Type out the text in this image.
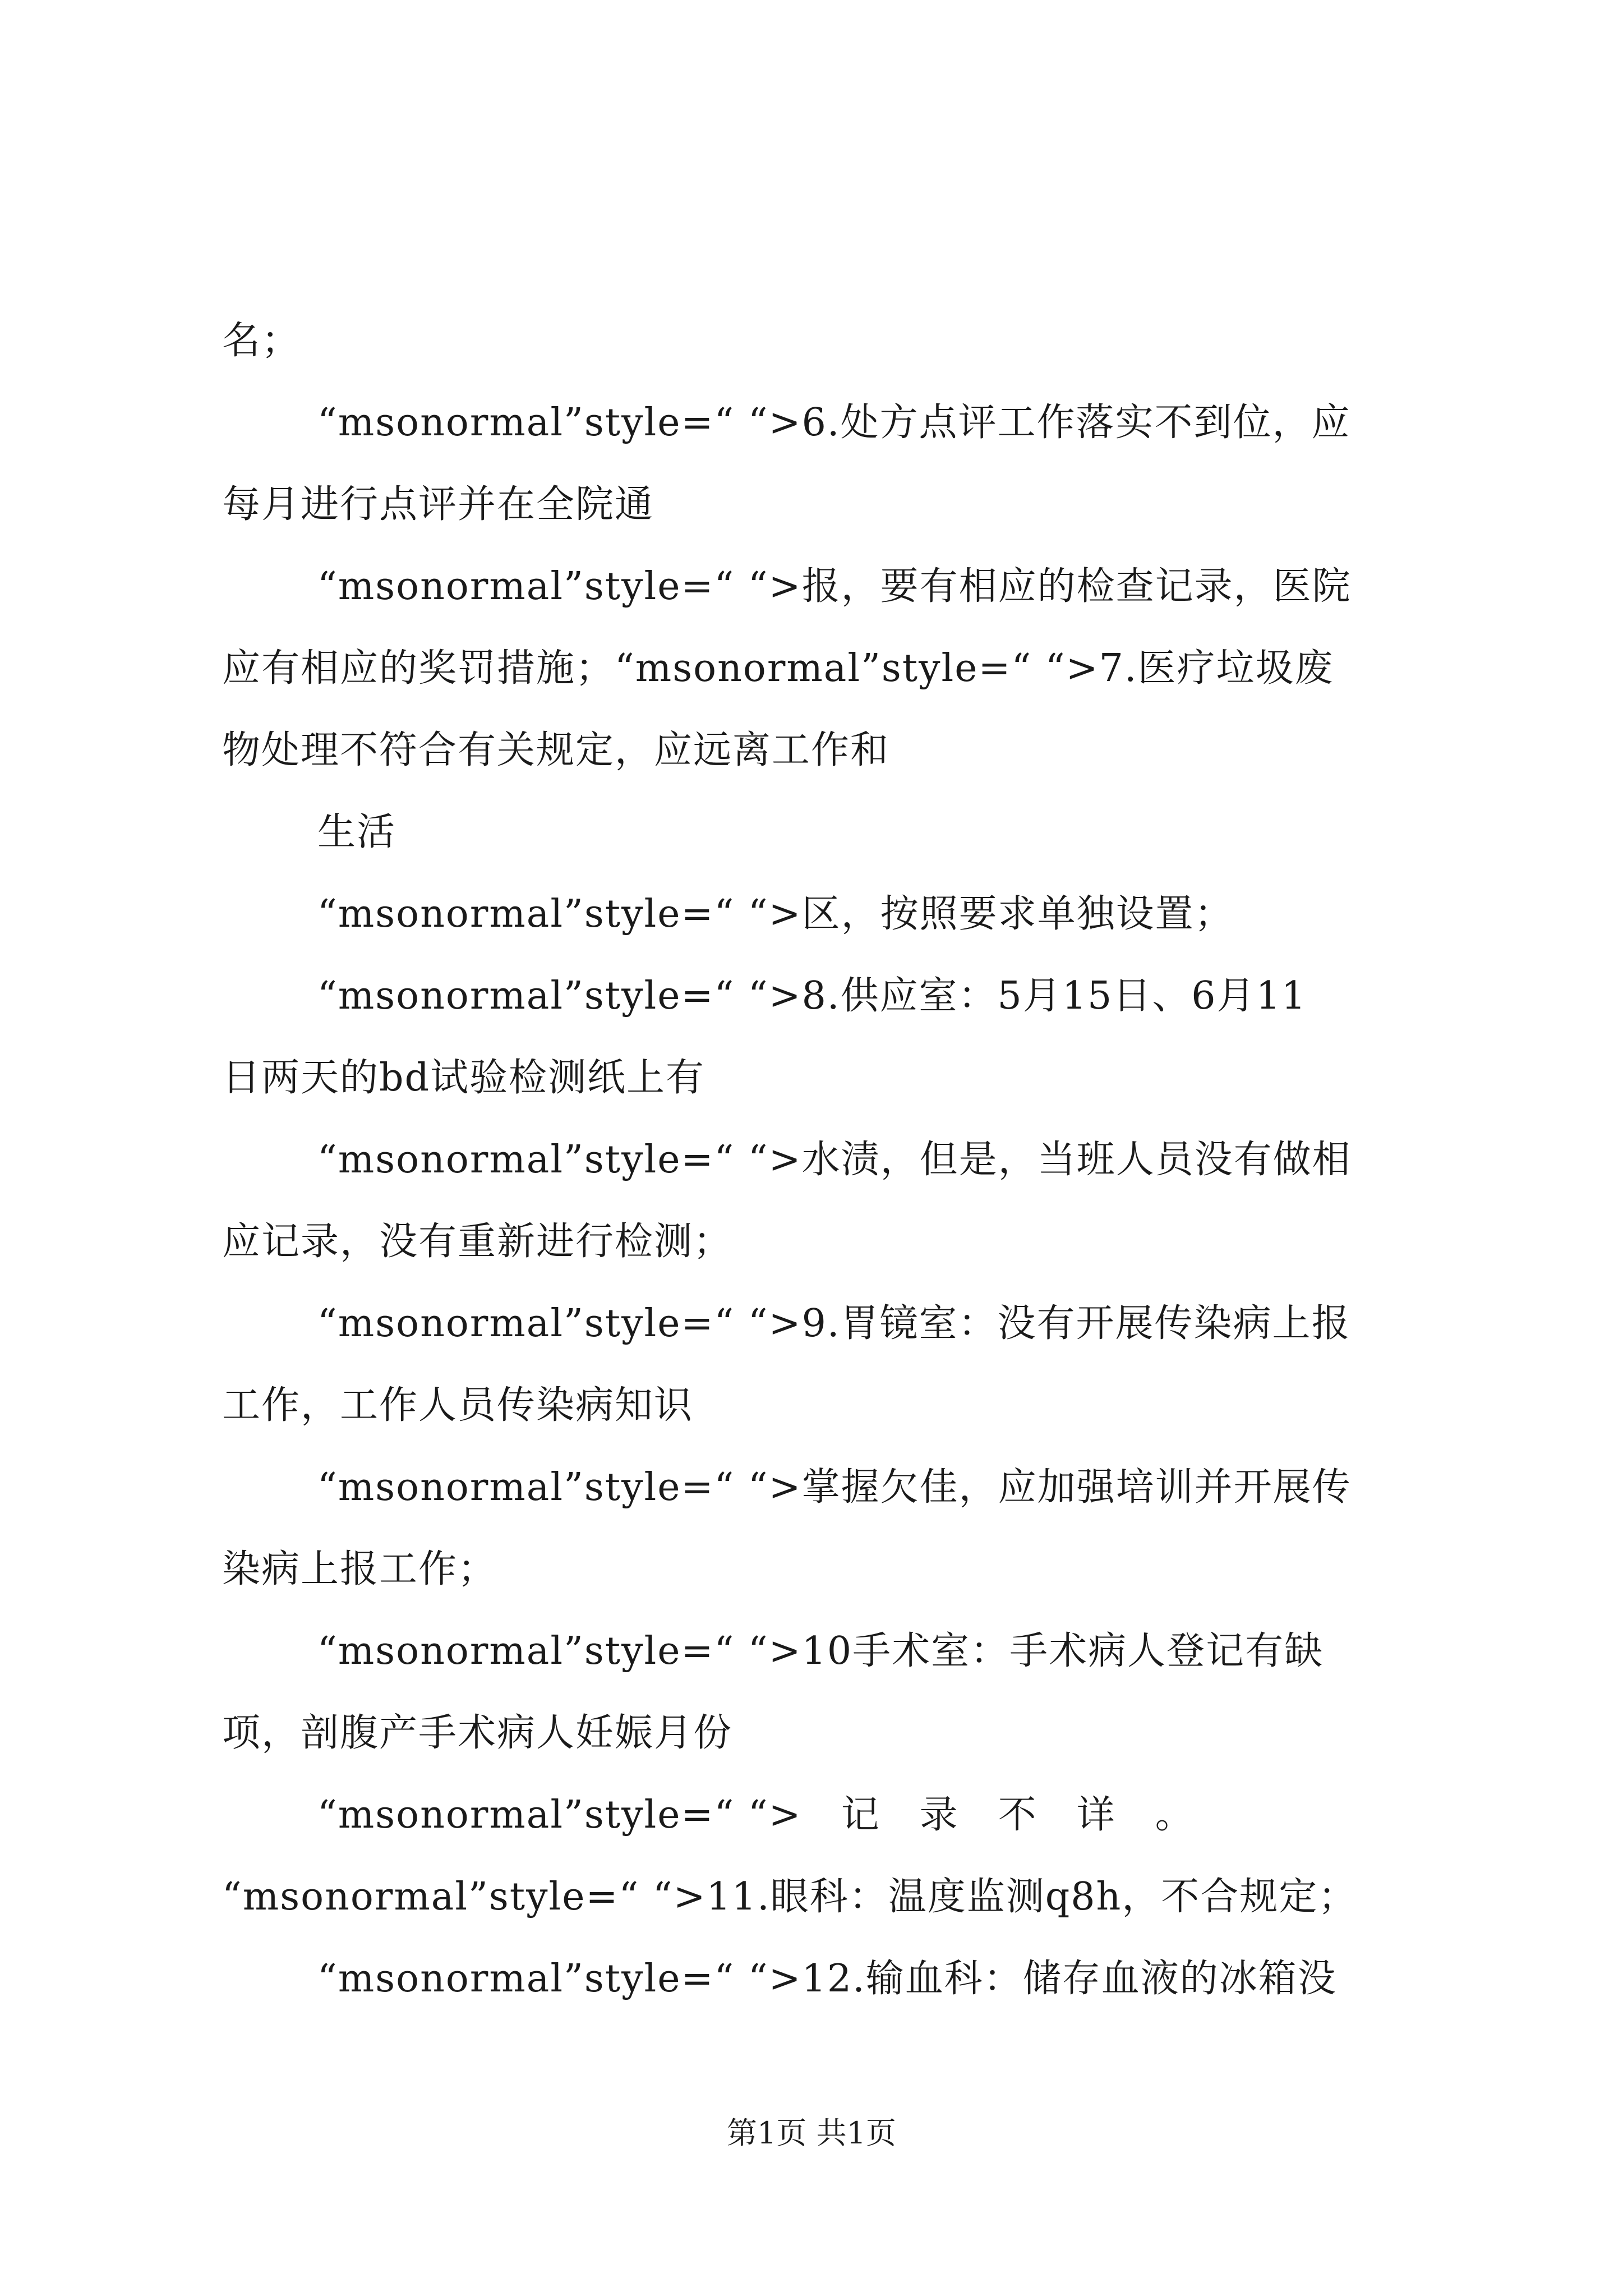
名；
“msonormal”style=“ “>6.处方点评工作落实不到位，应
每月进行点评并在全院通
“msonormal”style=“ “>报，要有相应的检查记录，医院
应有相应的奖罚措施；“msonormal”style=“ “>7.医疗垃圾废
物处理不符合有关规定，应远离工作和
生活
“msonormal”style=“ “>区，按照要求单独设置；
“msonormal”style=“ “>8.供应室：5月15日、6月11
日两天的bd试验检测纸上有
“msonormal”style=“ “>水渍，但是，当班人员没有做相
应记录，没有重新进行检测；
“msonormal”style=“ “>9.胃镜室：没有开展传染病上报
工作，工作人员传染病知识
“msonormal”style=“ “>掌握欠佳，应加强培训并开展传
染病上报工作；
“msonormal”style=“ “>10手术室：手术病人登记有缺
项，剖腹产手术病人妊娠月份
“msonormal”style=“ “>　记　录　不　详　。
“msonormal”style=“ “>11.眼科：温度监测q8h，不合规定；
“msonormal”style=“ “>12.输血科：储存血液的冰箱没
第1页 共1页
